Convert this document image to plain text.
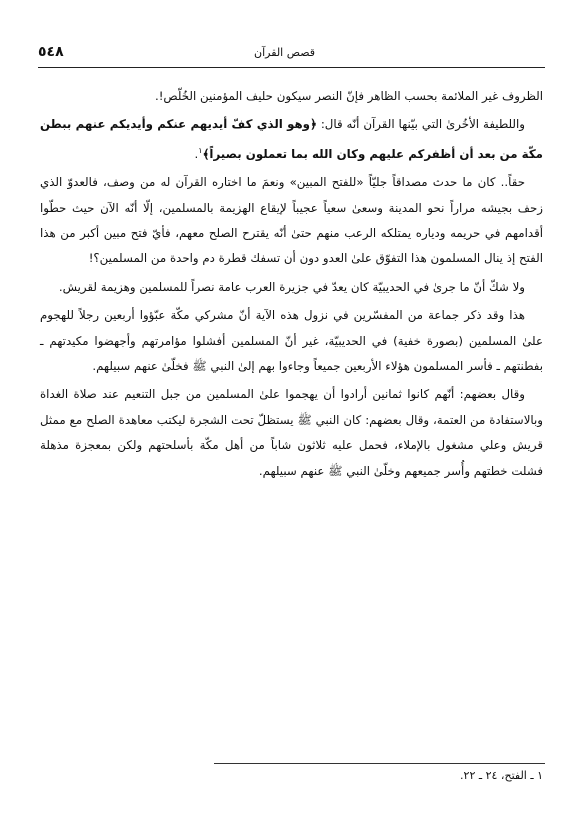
٥٤٨	قصص القرآن

الظروف غير الملائمة بحسب الظاهر فإنّ النصر سيكون حليف المؤمنين الخُلّص!.

واللطيفة الأخُرىٰ التي بيّنها القرآن أنّه قال: ﴿وهو الذي كفّ أيديهم عنكم وأيديكم عنهم ببطن مكّة من بعد أن أظفركم عليهم وكان الله بما تعملون بصيراً﴾$^١$.

حقاً.. كان ما حدث مصداقاً جليّاً «للفتح المبين» ونعمَ ما اختاره القرآن له من وصف، فالعدوّ الذي زحف بجيشه مراراً نحو المدينة وسعىٰ سعياً عجيباً لإيقاع الهزيمة بالمسلمين، إلّا أنّه الآن حيث حطّوا أقدامهم في حريمه ودياره يمتلكه الرعب منهم حتىٰ أنّه يقترح الصلح معهم، فأيّ فتح مبين أكبر من هذا الفتح إذ ينال المسلمون هذا التفوّق علىٰ العدو دون أن تسفك قطرة دم واحدة من المسلمين؟!

ولا شكّ أنّ ما جرىٰ في الحديبيّة كان يعدّ في جزيرة العرب عامة نصراً للمسلمين وهزيمة لقريش.

هذا وقد ذكر جماعة من المفسّرين في نزول هذه الآية أنّ مشركي مكّة عبّؤوا أربعين رجلاً للهجوم علىٰ المسلمين (بصورة خفية) في الحديبيّة، غير أنّ المسلمين أفشلوا مؤامرتهم وأجهضوا مكيدتهم ـ بفطنتهم ـ فأسر المسلمون هؤلاء الأربعين جميعاً وجاءوا بهم إلىٰ النبي ﷺ فخلّىٰ عنهم سبيلهم.

وقال بعضهم: أنّهم كانوا ثمانين أرادوا أن يهجموا علىٰ المسلمين من جبل التنعيم عند صلاة الغداة وبالاستفادة من العتمة، وقال بعضهم: كان النبي ﷺ يستظلّ تحت الشجرة ليكتب معاهدة الصلح مع ممثل قريش وعلي مشغول بالإملاء، فحمل عليه ثلاثون شاباً من أهل مكّة بأسلحتهم ولكن بمعجزة مذهلة فشلت خطتهم وأُسر جميعهم وخلّىٰ النبي ﷺ عنهم سبيلهم.

١ ـ الفتح، ٢٤ ـ ٢٢.
